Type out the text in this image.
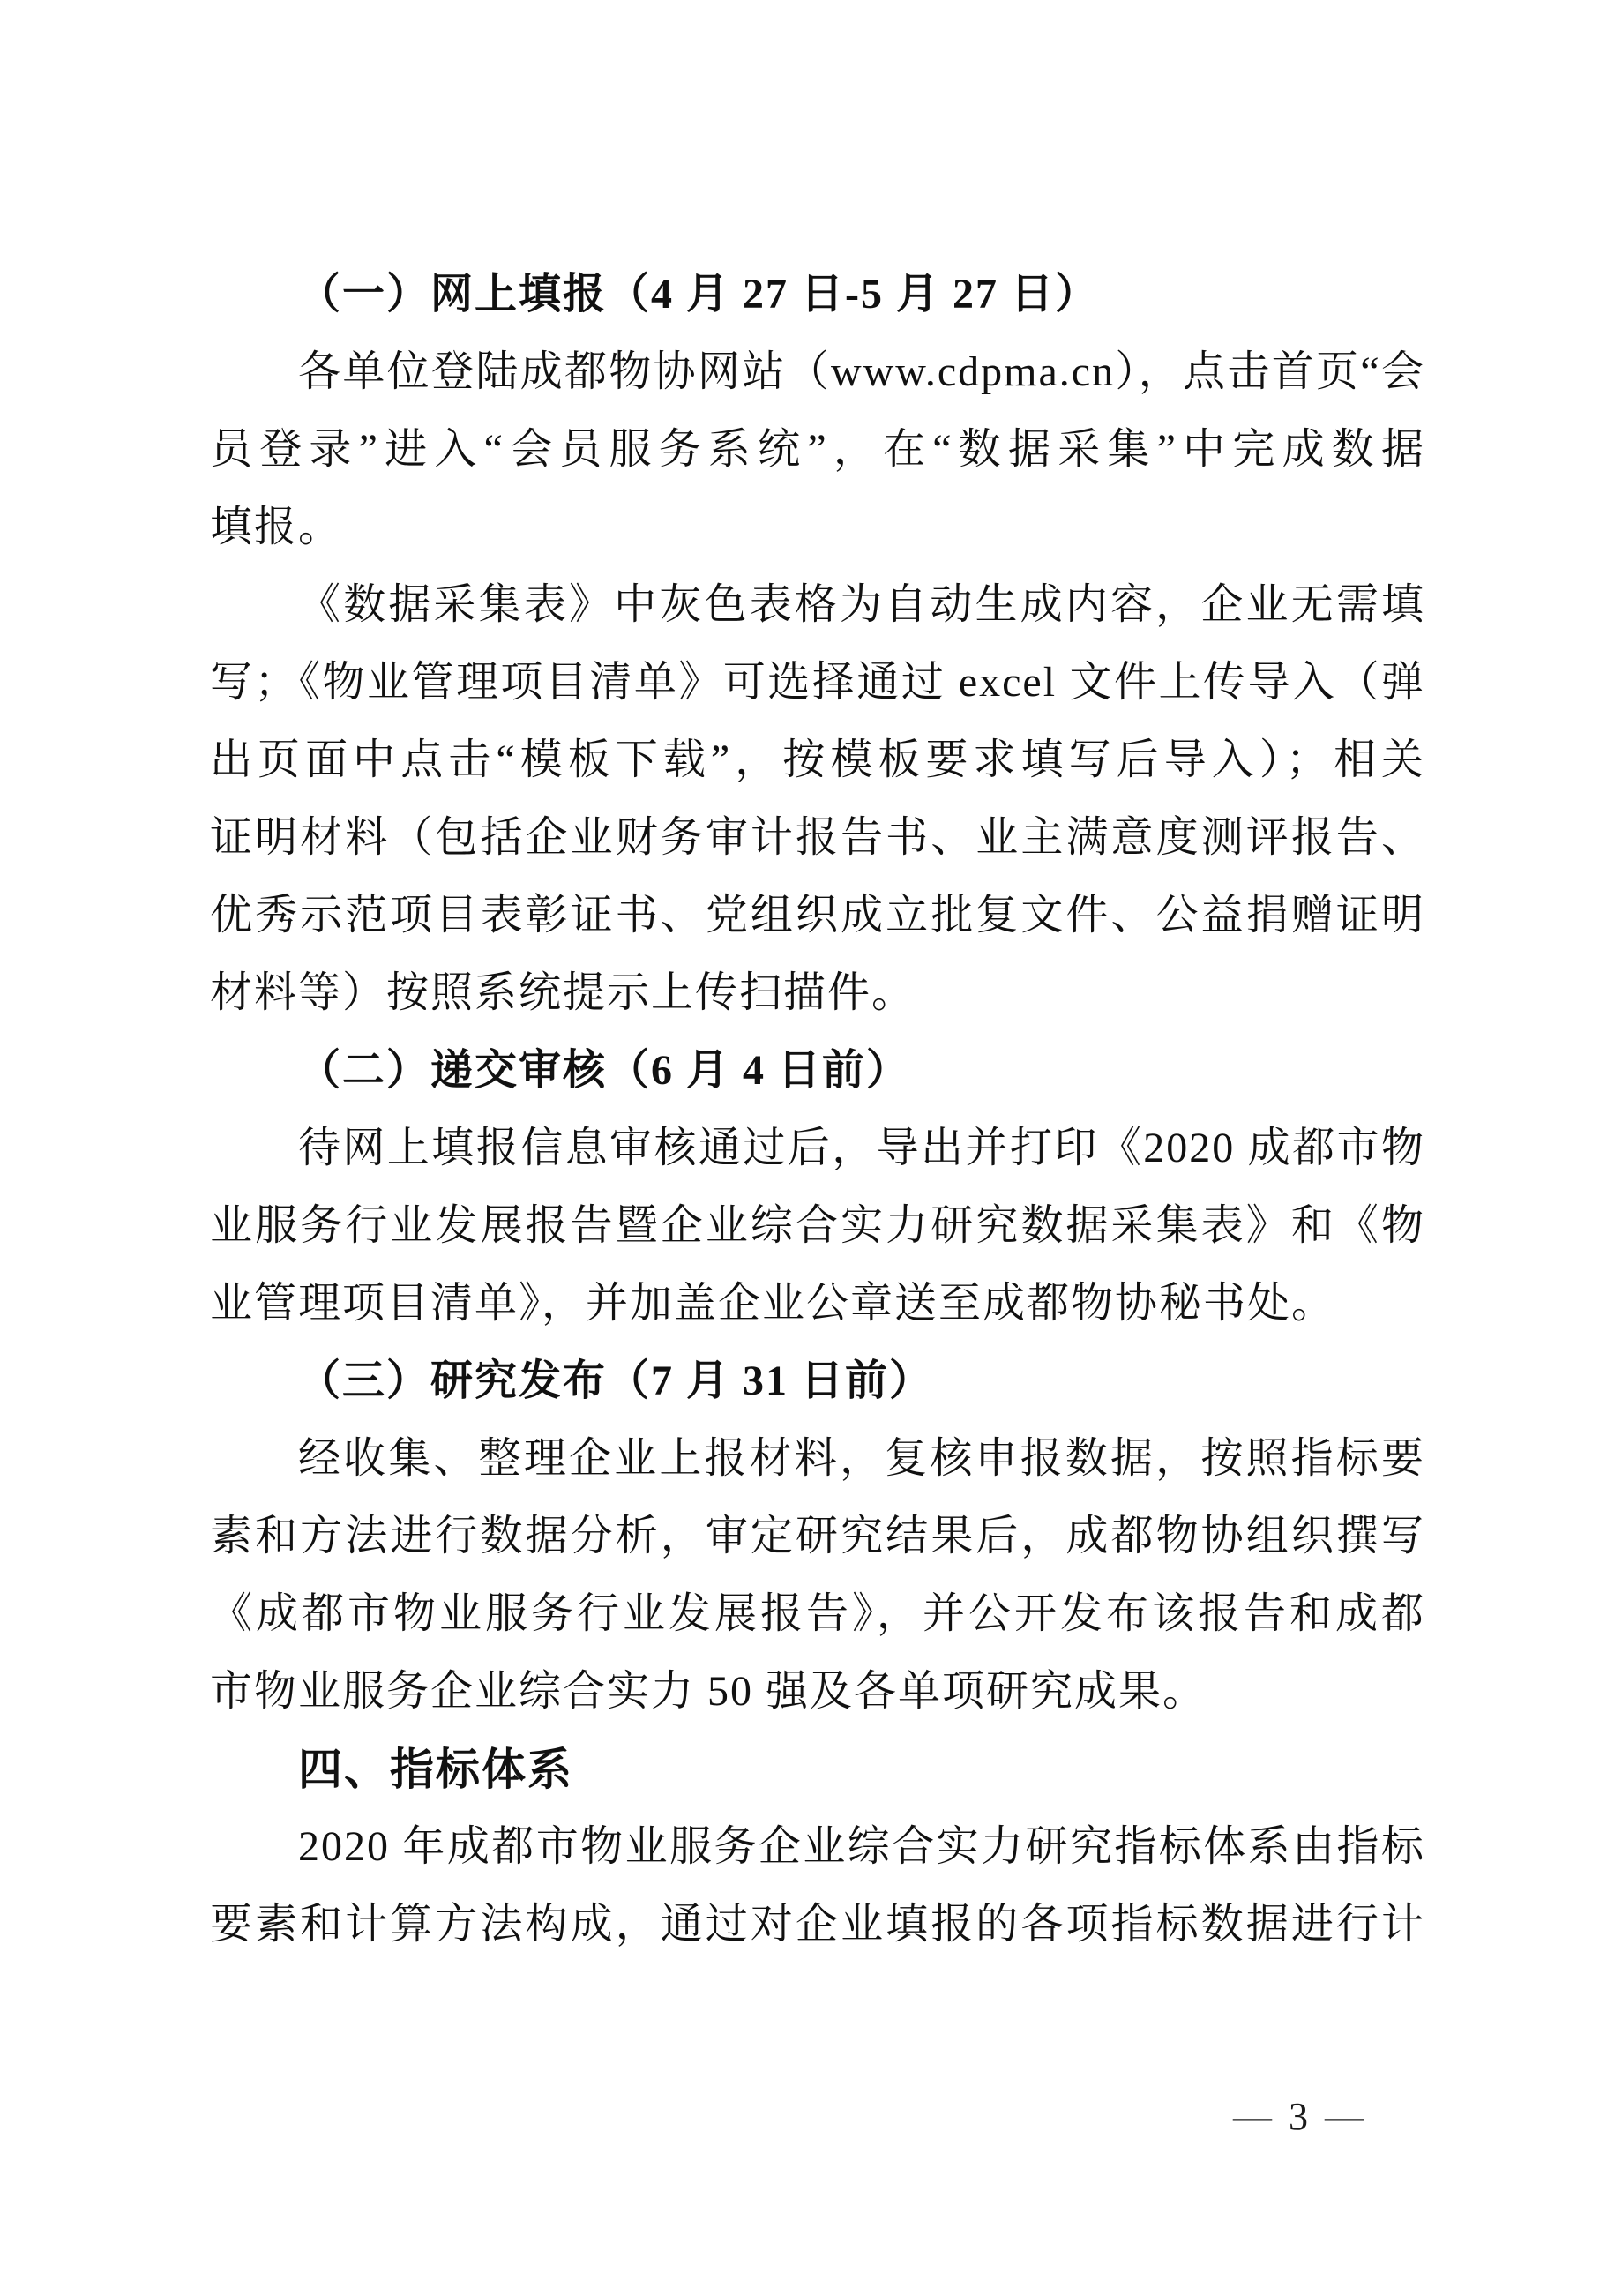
（一）网上填报（4 月 27 日-5 月 27 日）
各单位登陆成都物协网站（www.cdpma.cn），点击首页“会
员登录”进入“会员服务系统”，在“数据采集”中完成数据
填报。
《数据采集表》中灰色表格为自动生成内容，企业无需填
写；《物业管理项目清单》可选择通过 excel 文件上传导入（弹
出页面中点击“模板下载”，按模板要求填写后导入）；相关
证明材料（包括企业财务审计报告书、业主满意度测评报告、
优秀示范项目表彰证书、党组织成立批复文件、公益捐赠证明
材料等）按照系统提示上传扫描件。
（二）递交审核（6 月 4 日前）
待网上填报信息审核通过后，导出并打印《2020 成都市物
业服务行业发展报告暨企业综合实力研究数据采集表》和《物
业管理项目清单》，并加盖企业公章送至成都物协秘书处。
（三）研究发布（7 月 31 日前）
经收集、整理企业上报材料，复核申报数据，按照指标要
素和方法进行数据分析，审定研究结果后，成都物协组织撰写
《成都市物业服务行业发展报告》，并公开发布该报告和成都
市物业服务企业综合实力 50 强及各单项研究成果。
四、指标体系
2020 年成都市物业服务企业综合实力研究指标体系由指标
要素和计算方法构成，通过对企业填报的各项指标数据进行计
— 3 —
